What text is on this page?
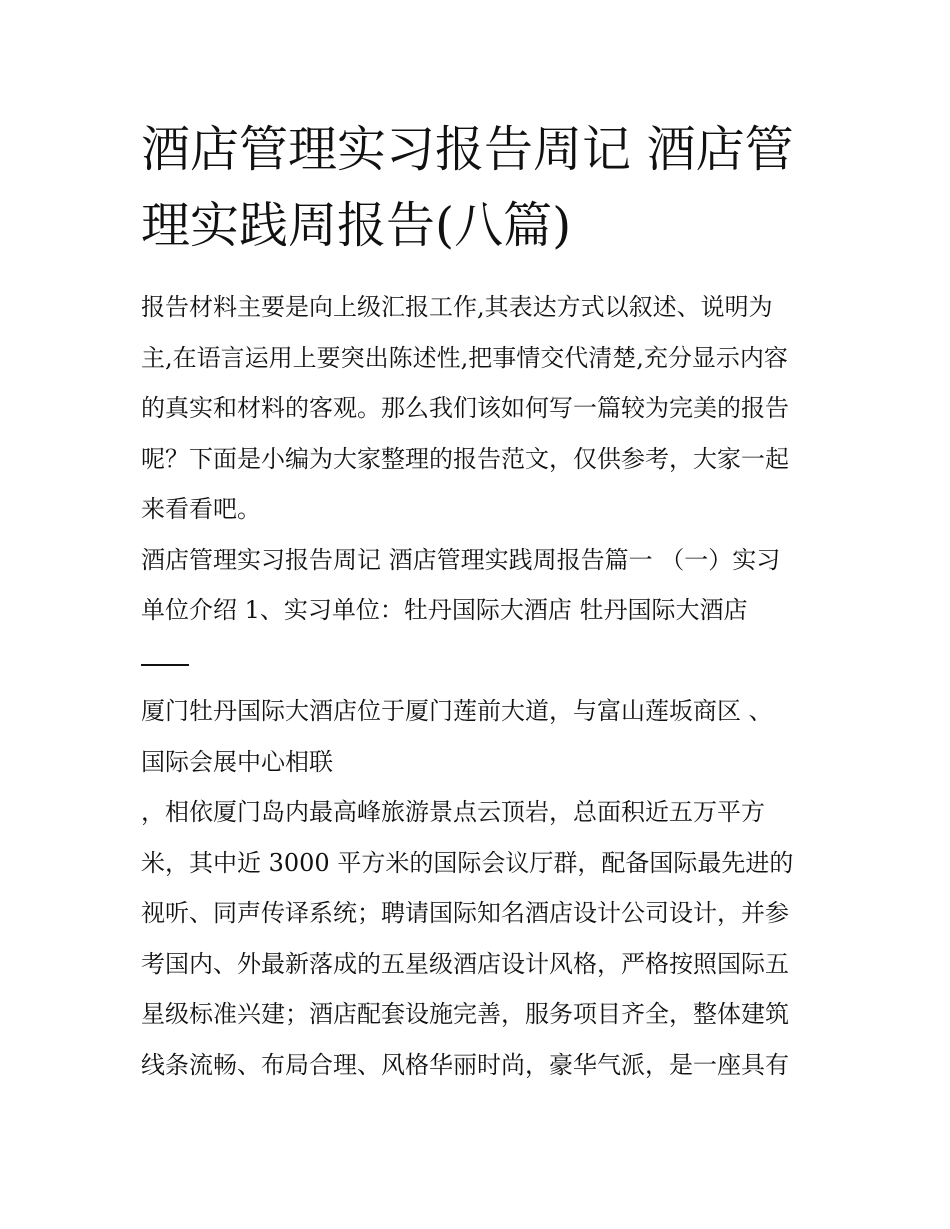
酒店管理实习报告周记 酒店管
理实践周报告(八篇)

报告材料主要是向上级汇报工作,其表达方式以叙述、说明为
主,在语言运用上要突出陈述性,把事情交代清楚,充分显示内容
的真实和材料的客观。那么我们该如何写一篇较为完美的报告
呢？下面是小编为大家整理的报告范文，仅供参考，大家一起
来看看吧。

酒店管理实习报告周记 酒店管理实践周报告篇一 （一）实习
单位介绍 1、实习单位：牡丹国际大酒店 牡丹国际大酒店

厦门牡丹国际大酒店位于厦门莲前大道，与富山莲坂商区 、
国际会展中心相联

，相依厦门岛内最高峰旅游景点云顶岩，总面积近五万平方
米，其中近 3000 平方米的国际会议厅群，配备国际最先进的
视听、同声传译系统；聘请国际知名酒店设计公司设计，并参
考国内、外最新落成的五星级酒店设计风格，严格按照国际五
星级标准兴建；酒店配套设施完善，服务项目齐全，整体建筑
线条流畅、布局合理、风格华丽时尚，豪华气派，是一座具有
